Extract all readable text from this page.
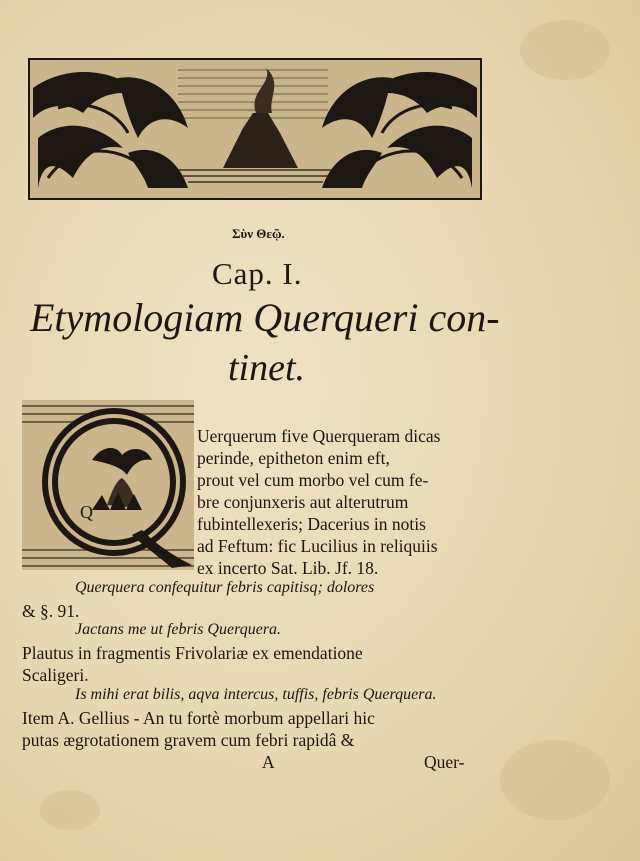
Σὺν Θεῷ.
Cap. I.
Etymologiam Querqueri con-
tinet.
Q
Uerquerum five Querqueram dicas
perinde, epitheton enim eft,
prout vel cum morbo vel cum fe-
bre conjunxeris aut alterutrum
fubintellexeris; Dacerius in notis
ad Feftum: fic Lucilius in reliquiis
ex incerto Sat. Lib. Jf. 18.
Querquera confequitur febris capitisq; dolores
& §. 91.
Jactans me ut febris Querquera.
Plautus in fragmentis Frivolariæ ex emendatione
Scaligeri.
Is mihi erat bilis, aqva intercus, tuffis, febris Querquera.
Item A. Gellius - An tu fortè morbum appellari hic
putas ægrotationem gravem cum febri rapidâ &
A	Quer-
